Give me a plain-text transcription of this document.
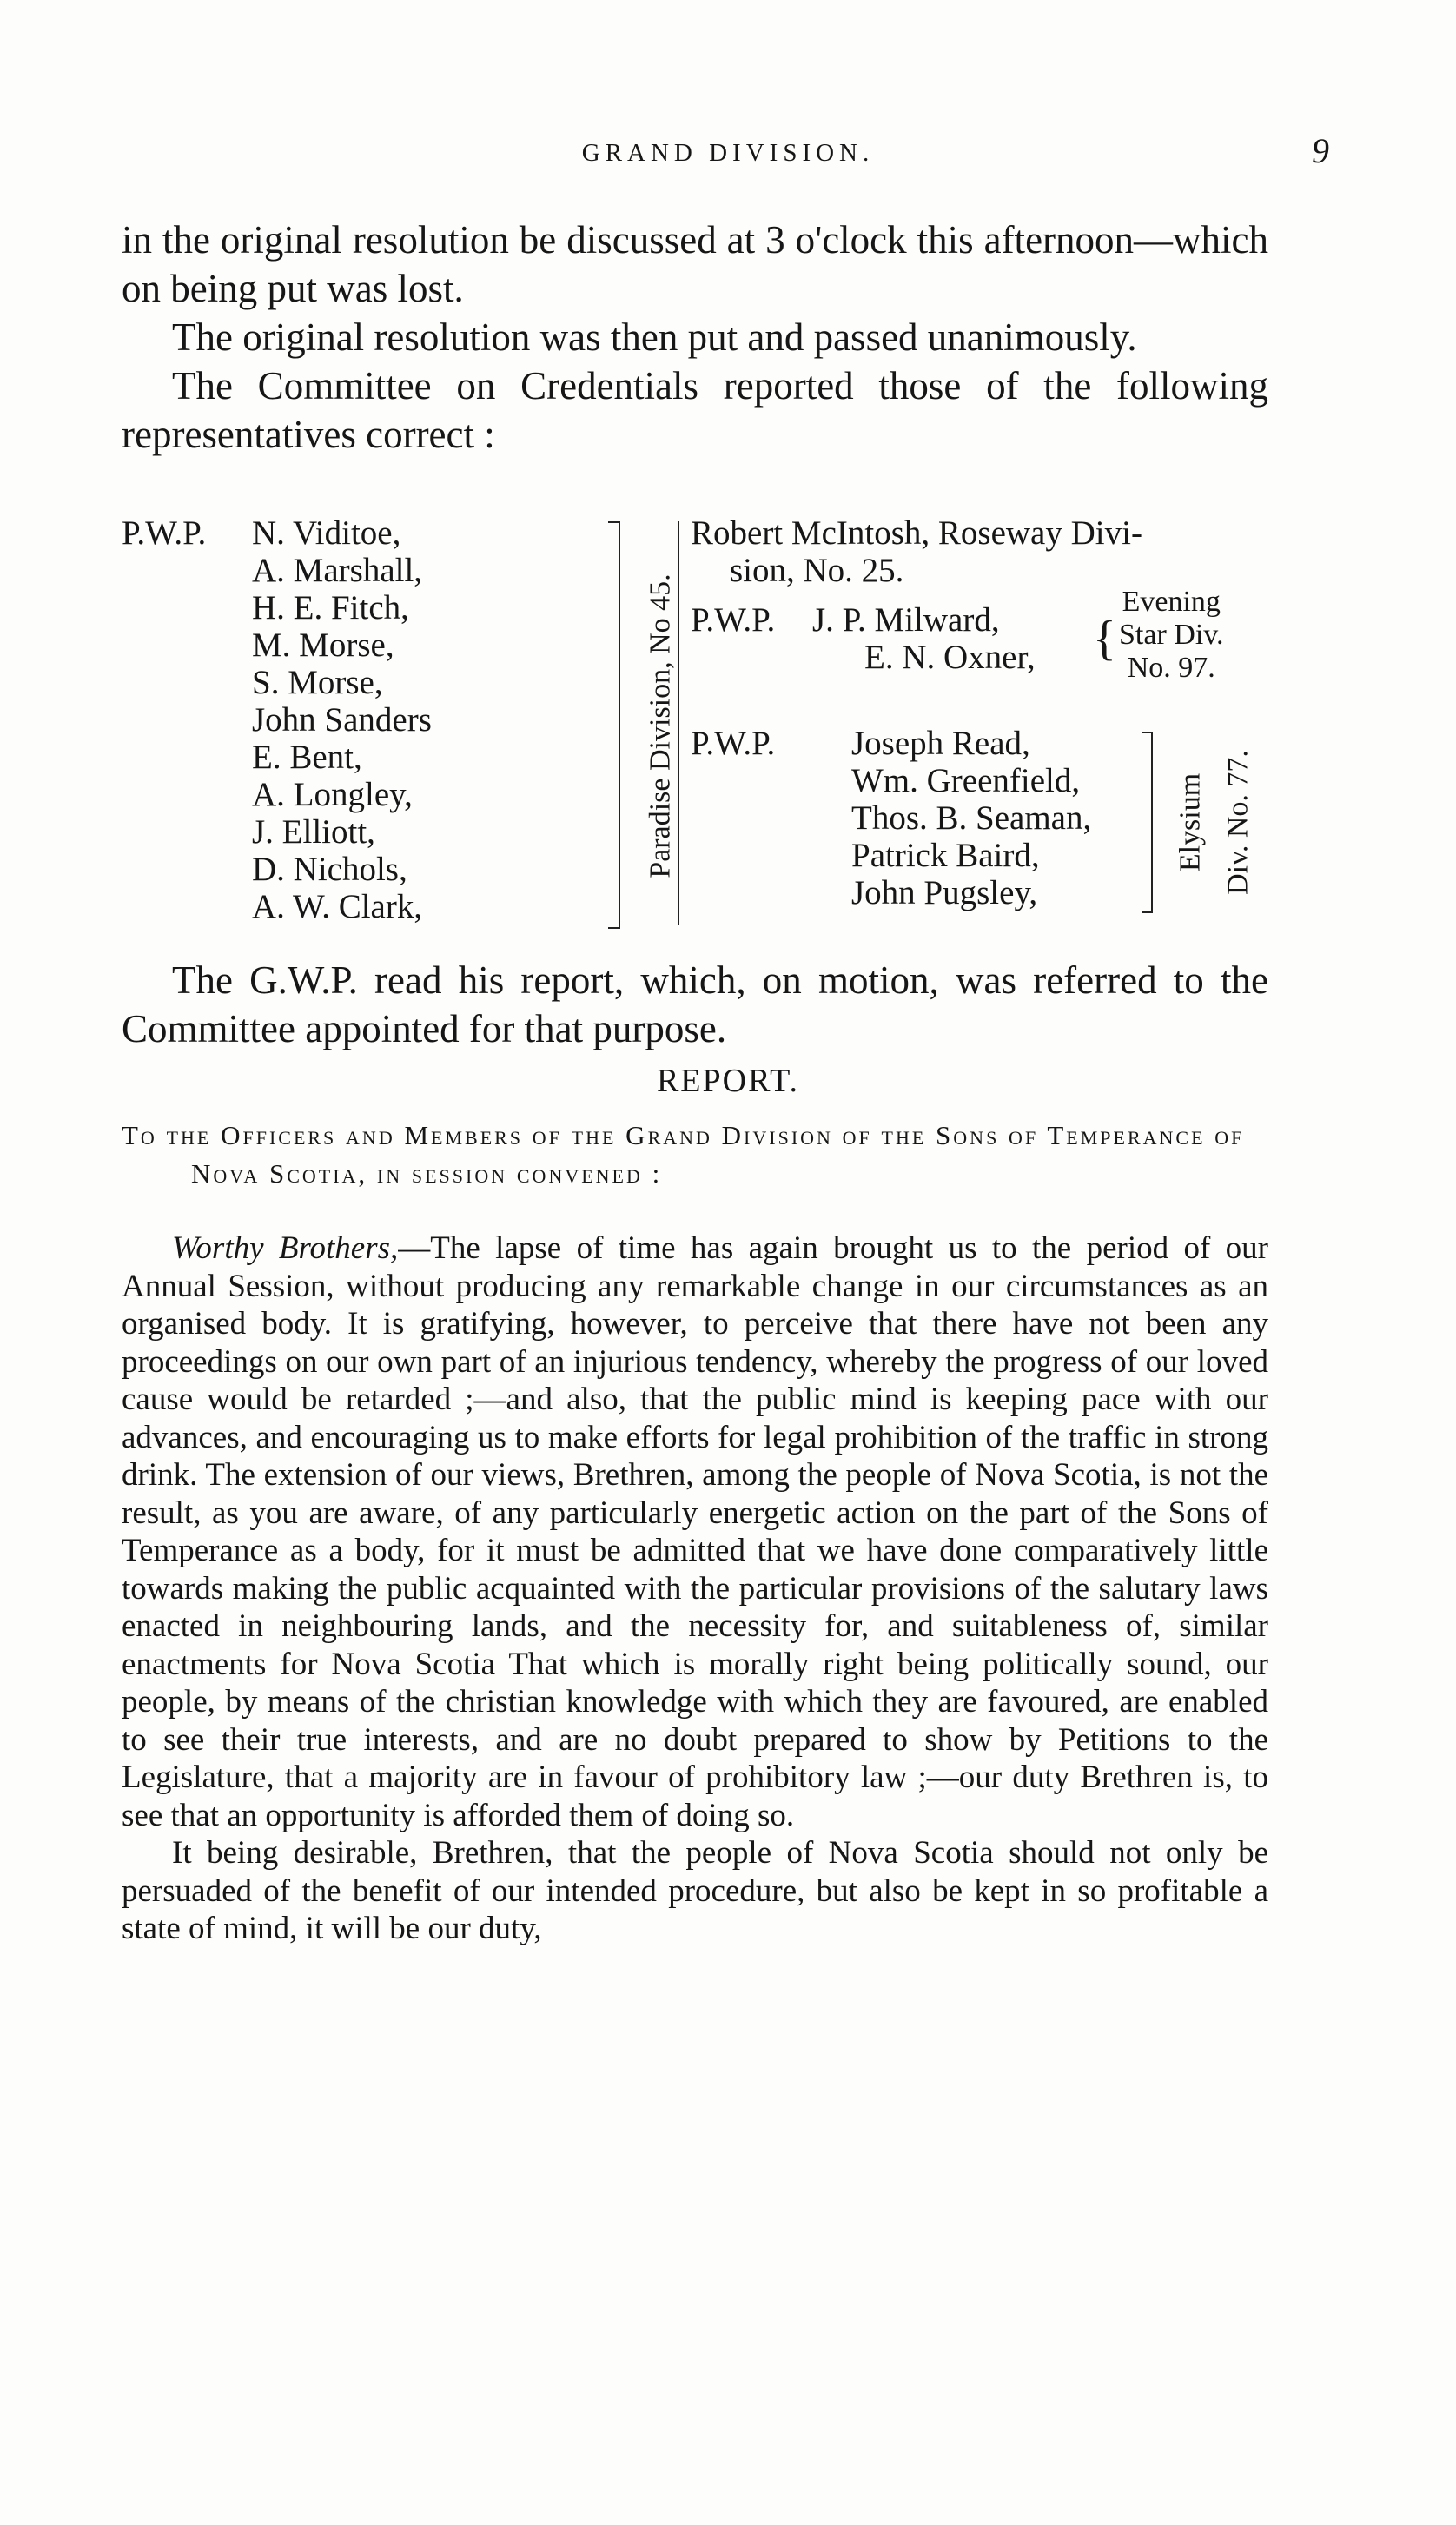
GRAND DIVISION.	9

in the original resolution be discussed at 3 o'clock this afternoon—which on being put was lost.

The original resolution was then put and passed unanimously.

The Committee on Credentials reported those of the following representatives correct :

P.W.P. N. Viditoe,
A. Marshall,
H. E. Fitch,
M. Morse,
S. Morse,
John Sanders
E. Bent,
A. Longley,
J. Elliott,
D. Nichols,
A. W. Clark,
Paradise Division, No 45.
Robert McIntosh, Roseway Divi-
sion, No. 25.
P.W.P. J. P. Milward,
E. N. Oxner, {
Evening
Star Div.
No. 97.
P.W.P. Joseph Read,
Wm. Greenfield,
Thos. B. Seaman,
Patrick Baird,
John Pugsley,
Elysium Div. No. 77.

The G.W.P. read his report, which, on motion, was referred to the Committee appointed for that purpose.

REPORT.

To the Officers and Members of the Grand Division of the Sons of Temperance of Nova Scotia, in session convened :

Worthy Brothers,—The lapse of time has again brought us to the period of our Annual Session, without producing any remarkable change in our circumstances as an organised body. It is gratifying, however, to perceive that there have not been any proceedings on our own part of an injurious tendency, whereby the progress of our loved cause would be retarded ;—and also, that the public mind is keeping pace with our advances, and encouraging us to make efforts for legal prohibition of the traffic in strong drink. The extension of our views, Brethren, among the people of Nova Scotia, is not the result, as you are aware, of any particularly energetic action on the part of the Sons of Temperance as a body, for it must be admitted that we have done comparatively little towards making the public acquainted with the particular provisions of the salutary laws enacted in neighbouring lands, and the necessity for, and suitableness of, similar enactments for Nova Scotia That which is morally right being politically sound, our people, by means of the christian knowledge with which they are favoured, are enabled to see their true interests, and are no doubt prepared to show by Petitions to the Legislature, that a majority are in favour of prohibitory law ;—our duty Brethren is, to see that an opportunity is afforded them of doing so.

It being desirable, Brethren, that the people of Nova Scotia should not only be persuaded of the benefit of our intended procedure, but also be kept in so profitable a state of mind, it will be our duty,
